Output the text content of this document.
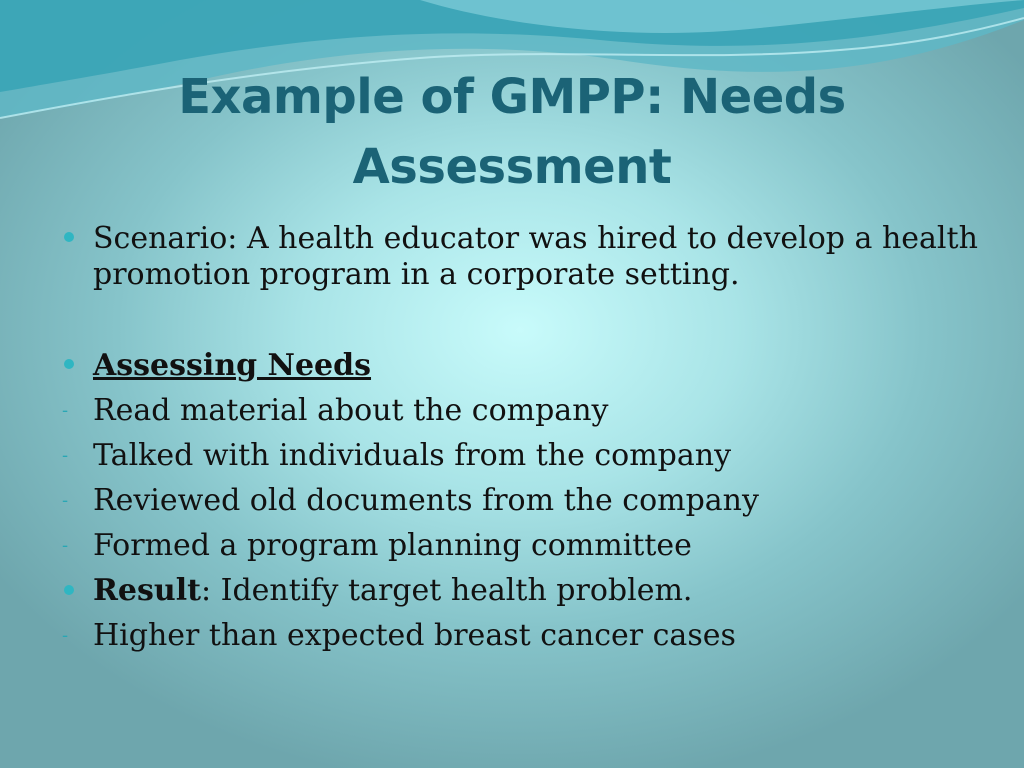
Example of GMPP: Needs
Assessment
Scenario: A health educator was hired to develop a health
promotion program in a corporate setting.
Assessing Needs
- Read material about the company
- Talked with individuals from the company
- Reviewed old documents from the company
- Formed a program planning committee
Result: Identify target health problem.
- Higher than expected breast cancer cases
